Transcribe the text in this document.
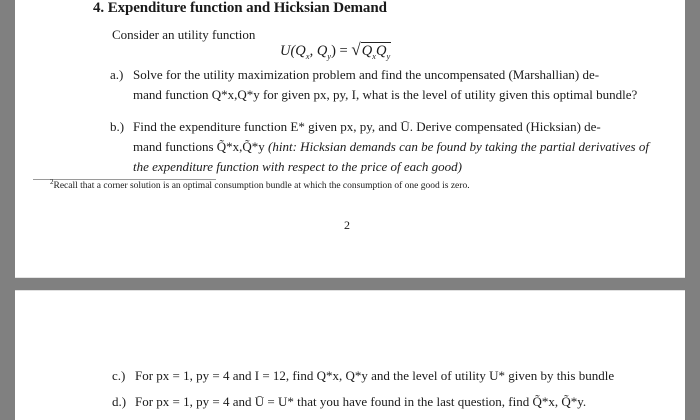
4. Expenditure function and Hicksian Demand
Consider an utility function
$U(Q_x$, $Q_y) = √Q_xQ_y$
a.) Solve for the utility maximization problem and find the uncompensated (Marshallian) de-
mand function Q*x,Q*y for given px, py, I, what is the level of utility given this optimal bundle?
b.) Find the expenditure function E* given px, py, and Ū. Derive compensated (Hicksian) de-
mand functions Q̃*x,Q̃*y (hint: Hicksian demands can be found by taking the partial derivatives of
the expenditure function with respect to the price of each good)
$^2$Recall that a corner solution is an optimal consumption bundle at which the consumption of one good is zero.
2
c.) For px = 1, py = 4 and I = 12, find Q*x, Q*y and the level of utility U* given by this bundle
d.) For px = 1, py = 4 and Ū = U* that you have found in the last question, find Q̃*x, Q̃*y.
